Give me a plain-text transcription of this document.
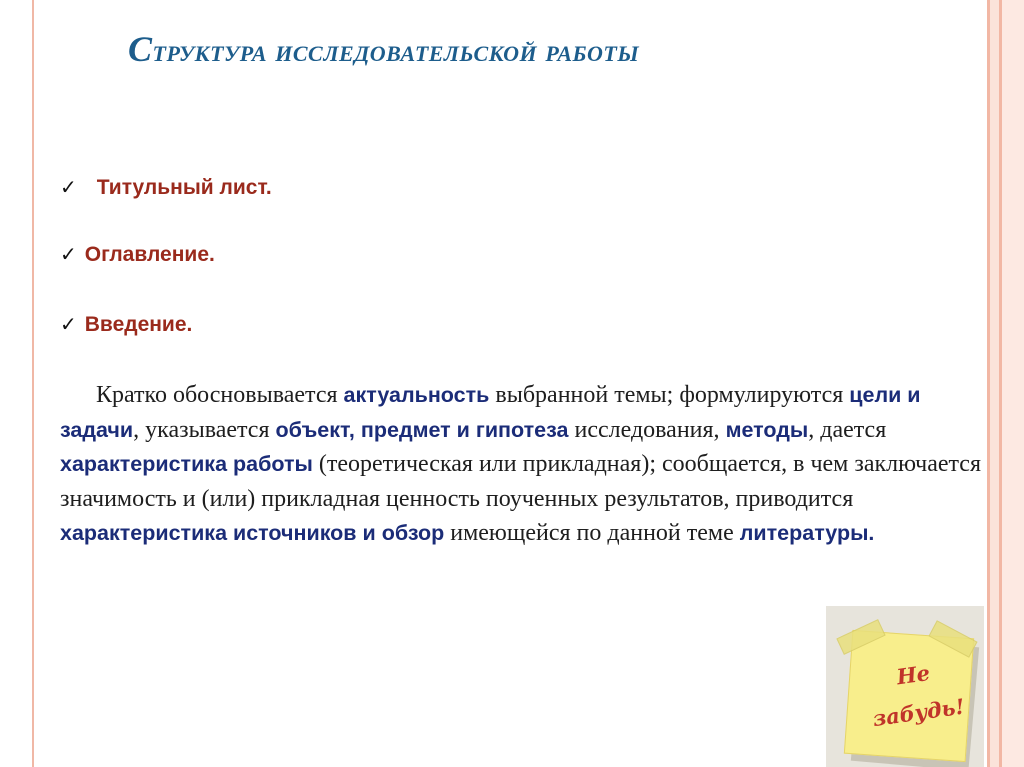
Структура исследовательской работы
✓ Титульный лист.
✓ Оглавление.
✓ Введение.

Кратко обосновывается актуальность выбранной темы; формулируются цели и задачи, указывается объект, предмет и гипотеза исследования, методы, дается характеристика работы (теоретическая или прикладная); сообщается, в чем заключается значимость и (или) прикладная ценность поученных результатов, приводится характеристика источников и обзор имеющейся по данной теме литературы.

Не
забудь!
